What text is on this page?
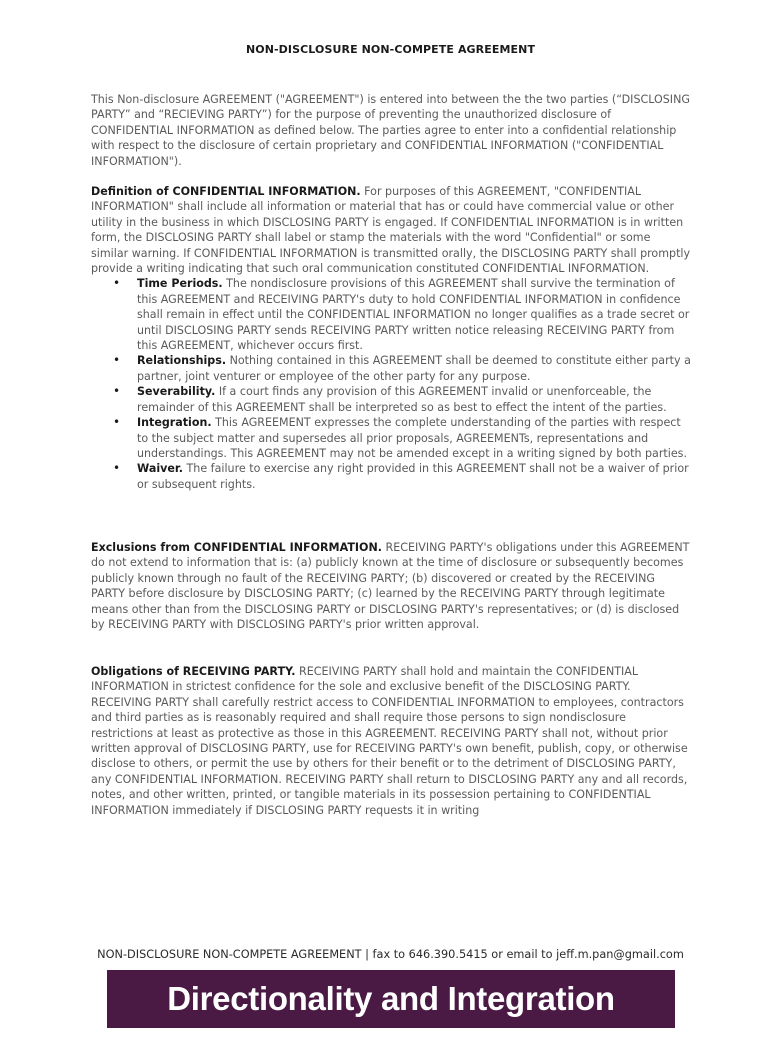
NON-DISCLOSURE NON-COMPETE AGREEMENT
This Non-disclosure AGREEMENT ("AGREEMENT") is entered into between the the two parties (“DISCLOSING PARTY” and “RECIEVING PARTY”) for the purpose of preventing the unauthorized disclosure of CONFIDENTIAL INFORMATION as defined below. The parties agree to enter into a confidential relationship with respect to the disclosure of certain proprietary and CONFIDENTIAL INFORMATION ("CONFIDENTIAL INFORMATION").
Definition of CONFIDENTIAL INFORMATION. For purposes of this AGREEMENT, "CONFIDENTIAL INFORMATION" shall include all information or material that has or could have commercial value or other utility in the business in which DISCLOSING PARTY is engaged. If CONFIDENTIAL INFORMATION is in written form, the DISCLOSING PARTY shall label or stamp the materials with the word "Confidential" or some similar warning. If CONFIDENTIAL INFORMATION is transmitted orally, the DISCLOSING PARTY shall promptly provide a writing indicating that such oral communication constituted CONFIDENTIAL INFORMATION.
• Time Periods. The nondisclosure provisions of this AGREEMENT shall survive the termination of this AGREEMENT and RECEIVING PARTY's duty to hold CONFIDENTIAL INFORMATION in confidence shall remain in effect until the CONFIDENTIAL INFORMATION no longer qualifies as a trade secret or until DISCLOSING PARTY sends RECEIVING PARTY written notice releasing RECEIVING PARTY from this AGREEMENT, whichever occurs first.
• Relationships. Nothing contained in this AGREEMENT shall be deemed to constitute either party a partner, joint venturer or employee of the other party for any purpose.
• Severability. If a court finds any provision of this AGREEMENT invalid or unenforceable, the remainder of this AGREEMENT shall be interpreted so as best to effect the intent of the parties.
• Integration. This AGREEMENT expresses the complete understanding of the parties with respect to the subject matter and supersedes all prior proposals, AGREEMENTs, representations and understandings. This AGREEMENT may not be amended except in a writing signed by both parties.
• Waiver. The failure to exercise any right provided in this AGREEMENT shall not be a waiver of prior or subsequent rights.
Exclusions from CONFIDENTIAL INFORMATION. RECEIVING PARTY's obligations under this AGREEMENT do not extend to information that is: (a) publicly known at the time of disclosure or subsequently becomes publicly known through no fault of the RECEIVING PARTY; (b) discovered or created by the RECEIVING PARTY before disclosure by DISCLOSING PARTY; (c) learned by the RECEIVING PARTY through legitimate means other than from the DISCLOSING PARTY or DISCLOSING PARTY's representatives; or (d) is disclosed by RECEIVING PARTY with DISCLOSING PARTY's prior written approval.
Obligations of RECEIVING PARTY. RECEIVING PARTY shall hold and maintain the CONFIDENTIAL INFORMATION in strictest confidence for the sole and exclusive benefit of the DISCLOSING PARTY. RECEIVING PARTY shall carefully restrict access to CONFIDENTIAL INFORMATION to employees, contractors and third parties as is reasonably required and shall require those persons to sign nondisclosure restrictions at least as protective as those in this AGREEMENT. RECEIVING PARTY shall not, without prior written approval of DISCLOSING PARTY, use for RECEIVING PARTY's own benefit, publish, copy, or otherwise disclose to others, or permit the use by others for their benefit or to the detriment of DISCLOSING PARTY, any CONFIDENTIAL INFORMATION. RECEIVING PARTY shall return to DISCLOSING PARTY any and all records, notes, and other written, printed, or tangible materials in its possession pertaining to CONFIDENTIAL INFORMATION immediately if DISCLOSING PARTY requests it in writing
NON-DISCLOSURE NON-COMPETE AGREEMENT | fax to 646.390.5415 or email to jeff.m.pan@gmail.com
Directionality and Integration
